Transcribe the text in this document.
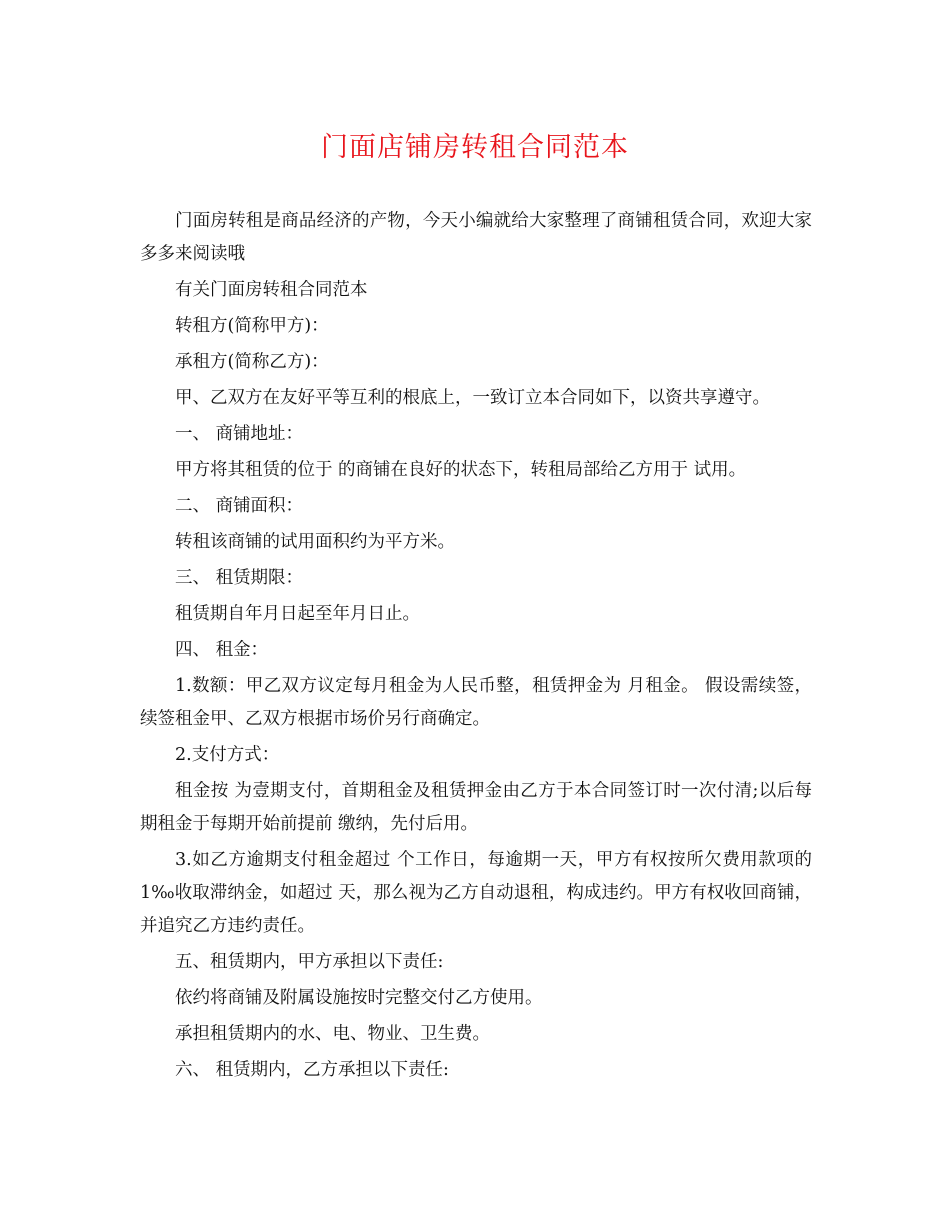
门面店铺房转租合同范本

门面房转租是商品经济的产物，今天小编就给大家整理了商铺租赁合同，欢迎大家多多来阅读哦

有关门面房转租合同范本

转租方(简称甲方)：

承租方(简称乙方)：

甲、乙双方在友好平等互利的根底上，一致订立本合同如下，以资共享遵守。

一、 商铺地址：

甲方将其租赁的位于 的商铺在良好的状态下，转租局部给乙方用于 试用。

二、 商铺面积：

转租该商铺的试用面积约为平方米。

三、 租赁期限：

租赁期自年月日起至年月日止。

四、 租金：

1.数额：甲乙双方议定每月租金为人民币整，租赁押金为 月租金。 假设需续签，续签租金甲、乙双方根据市场价另行商确定。

2.支付方式：

租金按 为壹期支付，首期租金及租赁押金由乙方于本合同签订时一次付清;以后每期租金于每期开始前提前 缴纳，先付后用。

3.如乙方逾期支付租金超过 个工作日，每逾期一天，甲方有权按所欠费用款项的 1‰收取滞纳金，如超过 天，那么视为乙方自动退租，构成违约。甲方有权收回商铺，并追究乙方违约责任。

五、租赁期内，甲方承担以下责任:

依约将商铺及附属设施按时完整交付乙方使用。

承担租赁期内的水、电、物业、卫生费。

六、 租赁期内，乙方承担以下责任:
